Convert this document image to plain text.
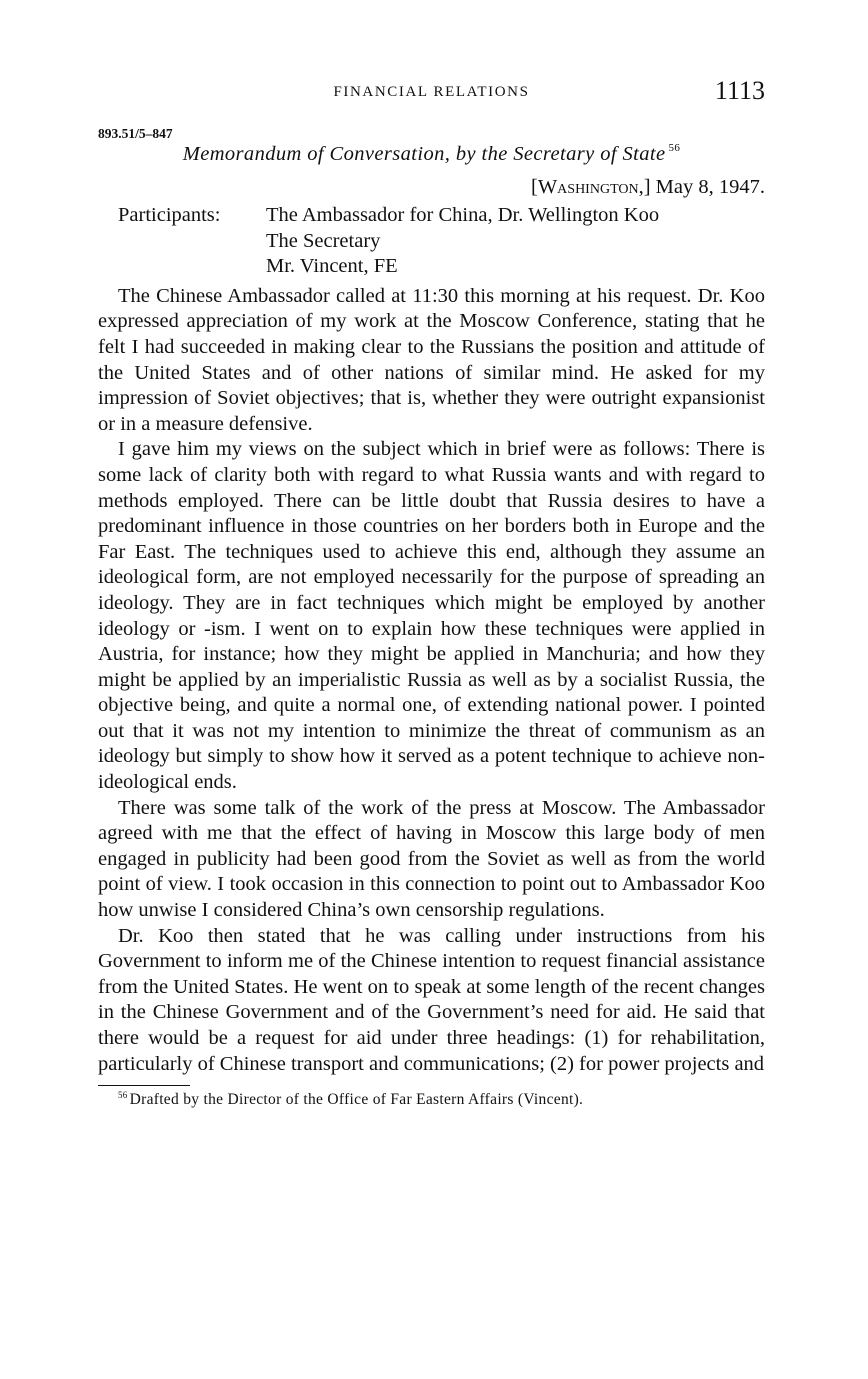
FINANCIAL RELATIONS	1113
893.51/5–847
Memorandum of Conversation, by the Secretary of State $^{56}$
[Washington,] May 8, 1947.
Participants:	The Ambassador for China, Dr. Wellington Koo
The Secretary
Mr. Vincent, FE

The Chinese Ambassador called at 11:30 this morning at his request. Dr. Koo expressed appreciation of my work at the Moscow Conference, stating that he felt I had succeeded in making clear to the Russians the position and attitude of the United States and of other nations of similar mind. He asked for my impression of Soviet objectives; that is, whether they were outright expansionist or in a measure defensive.

I gave him my views on the subject which in brief were as follows: There is some lack of clarity both with regard to what Russia wants and with regard to methods employed. There can be little doubt that Russia desires to have a predominant influence in those countries on her borders both in Europe and the Far East. The techniques used to achieve this end, although they assume an ideological form, are not employed necessarily for the purpose of spreading an ideology. They are in fact techniques which might be employed by another ideology or -ism. I went on to explain how these techniques were applied in Austria, for instance; how they might be applied in Manchuria; and how they might be applied by an imperialistic Russia as well as by a socialist Russia, the objective being, and quite a normal one, of extending national power. I pointed out that it was not my intention to minimize the threat of communism as an ideology but simply to show how it served as a potent technique to achieve non-ideological ends.

There was some talk of the work of the press at Moscow. The Ambassador agreed with me that the effect of having in Moscow this large body of men engaged in publicity had been good from the Soviet as well as from the world point of view. I took occasion in this connection to point out to Ambassador Koo how unwise I considered China’s own censorship regulations.

Dr. Koo then stated that he was calling under instructions from his Government to inform me of the Chinese intention to request financial assistance from the United States. He went on to speak at some length of the recent changes in the Chinese Government and of the Government’s need for aid. He said that there would be a request for aid under three headings: (1) for rehabilitation, particularly of Chinese transport and communications; (2) for power projects and

$^{56}$ Drafted by the Director of the Office of Far Eastern Affairs (Vincent).
